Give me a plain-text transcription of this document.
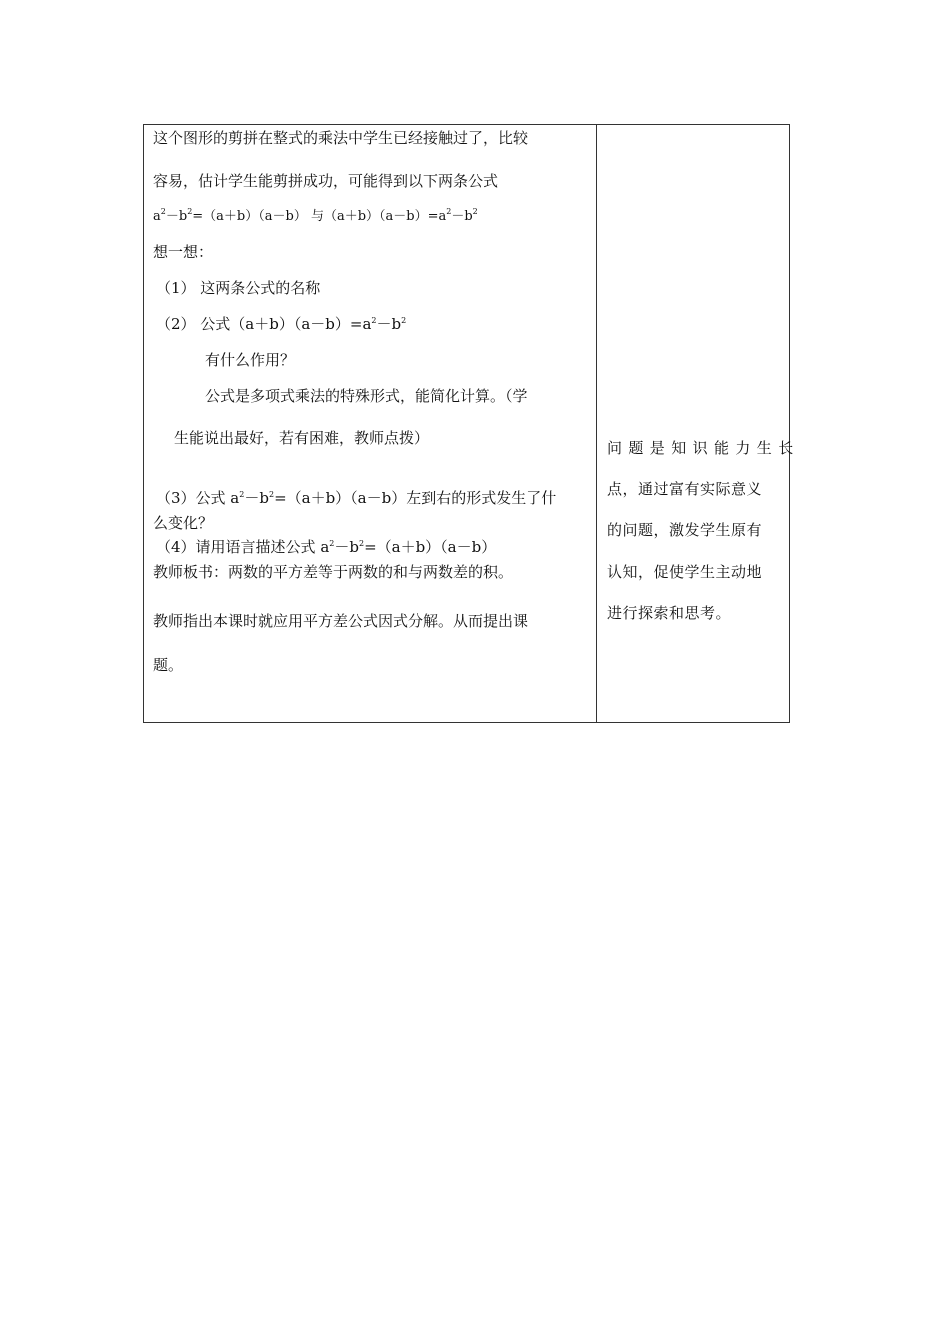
这个图形的剪拼在整式的乘法中学生已经接触过了，比较
容易，估计学生能剪拼成功，可能得到以下两条公式
$a^2-b^2=(a+b)(a-b)$ 与$(a+b)(a-b)=a^2-b^2$
想一想：
（1） 这两条公式的名称
（2） 公式$(a+b)(a-b)=a^2-b^2$
有什么作用？
公式是多项式乘法的特殊形式，能简化计算。（学
生能说出最好，若有困难，教师点拨）
（3）公式 $a^2-b^2=(a+b)(a-b)$左到右的形式发生了什
么变化？
（4）请用语言描述公式 $a^2-b^2=(a+b)(a-b)$
教师板书：两数的平方差等于两数的和与两数差的积。
教师指出本课时就应用平方差公式因式分解。从而提出课
题。

问题是知识能力生长
点，通过富有实际意义
的问题，激发学生原有
认知，促使学生主动地
进行探索和思考。
